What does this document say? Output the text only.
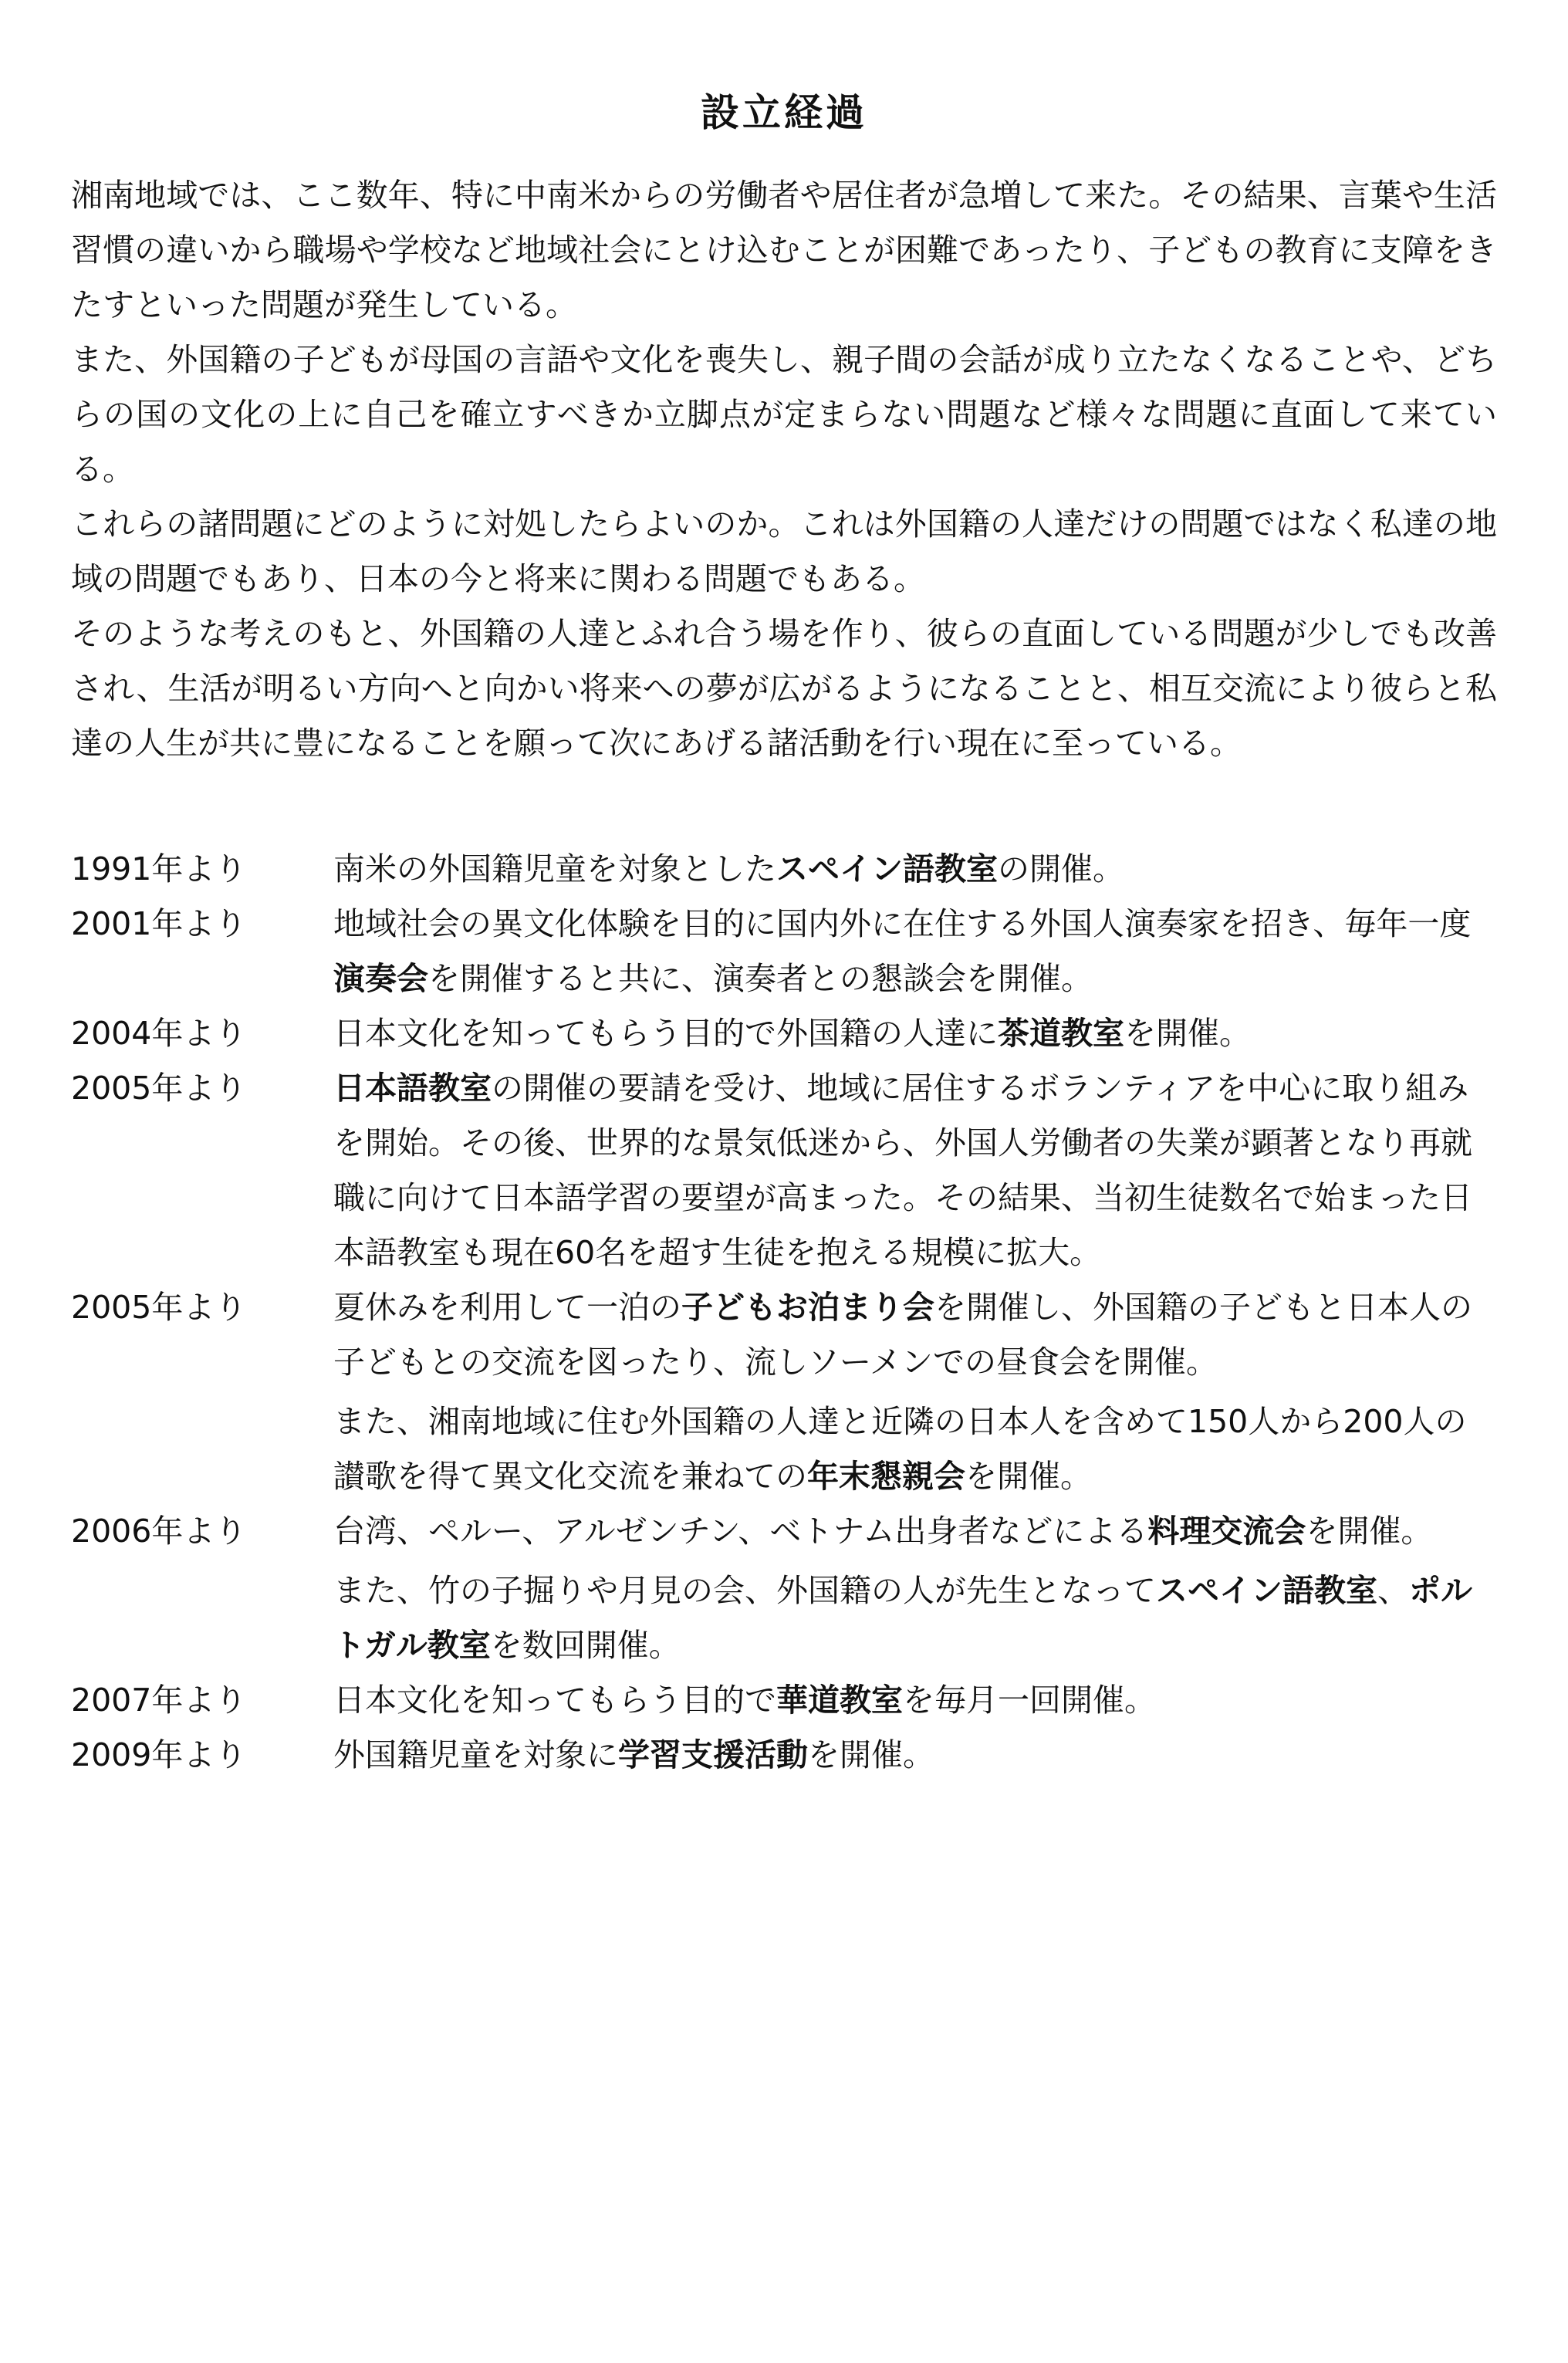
設立経過

湘南地域では、ここ数年、特に中南米からの労働者や居住者が急増して来た。その結果、言葉や生活習慣の違いから職場や学校など地域社会にとけ込むことが困難であったり、子どもの教育に支障をきたすといった問題が発生している。

また、外国籍の子どもが母国の言語や文化を喪失し、親子間の会話が成り立たなくなることや、どちらの国の文化の上に自己を確立すべきか立脚点が定まらない問題など様々な問題に直面して来ている。

これらの諸問題にどのように対処したらよいのか。これは外国籍の人達だけの問題ではなく私達の地域の問題でもあり、日本の今と将来に関わる問題でもある。

そのような考えのもと、外国籍の人達とふれ合う場を作り、彼らの直面している問題が少しでも改善され、生活が明るい方向へと向かい将来への夢が広がるようになることと、相互交流により彼らと私達の人生が共に豊になることを願って次にあげる諸活動を行い現在に至っている。

1991年より	南米の外国籍児童を対象としたスペイン語教室の開催。

2001年より	地域社会の異文化体験を目的に国内外に在住する外国人演奏家を招き、毎年一度演奏会を開催すると共に、演奏者との懇談会を開催。

2004年より	日本文化を知ってもらう目的で外国籍の人達に茶道教室を開催。

2005年より	日本語教室の開催の要請を受け、地域に居住するボランティアを中心に取り組みを開始。その後、世界的な景気低迷から、外国人労働者の失業が顕著となり再就職に向けて日本語学習の要望が高まった。その結果、当初生徒数名で始まった日本語教室も現在60名を超す生徒を抱える規模に拡大。

2005年より	夏休みを利用して一泊の子どもお泊まり会を開催し、外国籍の子どもと日本人の子どもとの交流を図ったり、流しソーメンでの昼食会を開催。

また、湘南地域に住む外国籍の人達と近隣の日本人を含めて150人から200人の讃歌を得て異文化交流を兼ねての年末懇親会を開催。

2006年より	台湾、ペルー、アルゼンチン、ベトナム出身者などによる料理交流会を開催。

また、竹の子掘りや月見の会、外国籍の人が先生となってスペイン語教室、ポルトガル教室を数回開催。

2007年より	日本文化を知ってもらう目的で華道教室を毎月一回開催。

2009年より	外国籍児童を対象に学習支援活動を開催。
